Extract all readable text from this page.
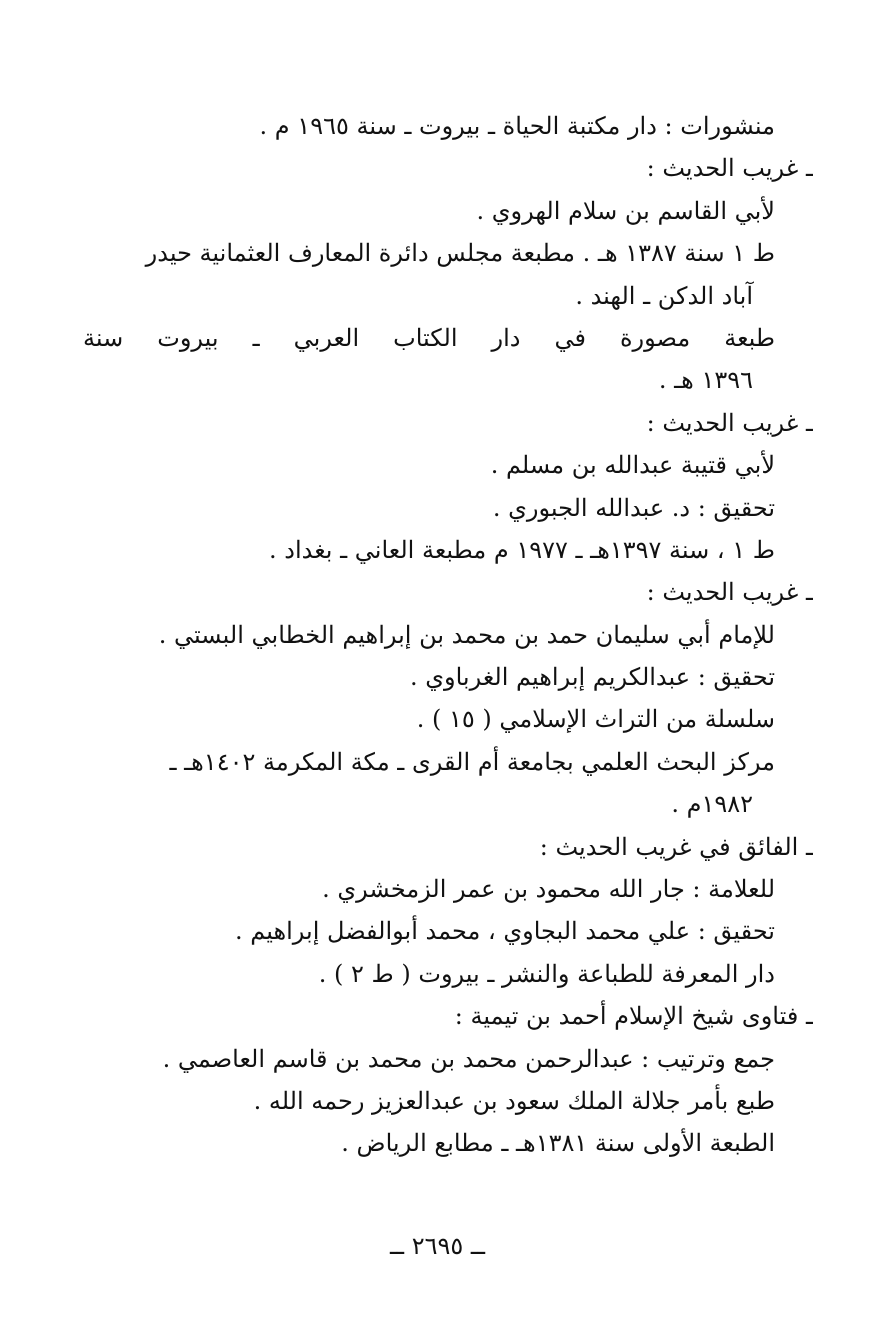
منشورات : دار مكتبة الحياة ـ بيروت ـ سنة ١٩٦٥ م .
ـ غريب الحديث :
لأبي القاسم بن سلام الهروي .
ط ١ سنة ١٣٨٧ هـ . مطبعة مجلس دائرة المعارف العثمانية حيدر
آباد الدكن ـ الهند .
طبعة مصورة في دار الكتاب العربي ـ بيروت سنة
١٣٩٦ هـ .
ـ غريب الحديث :
لأبي قتيبة عبدالله بن مسلم .
تحقيق : د. عبدالله الجبوري .
ط ١ ، سنة ١٣٩٧هـ ـ ١٩٧٧ م مطبعة العاني ـ بغداد .
ـ غريب الحديث :
للإمام أبي سليمان حمد بن محمد بن إبراهيم الخطابي البستي .
تحقيق : عبدالكريم إبراهيم الغرباوي .
سلسلة من التراث الإسلامي ( ١٥ ) .
مركز البحث العلمي بجامعة أم القرى ـ مكة المكرمة ١٤٠٢هـ ـ
١٩٨٢م .
ـ الفائق في غريب الحديث :
للعلامة : جار الله محمود بن عمر الزمخشري .
تحقيق : علي محمد البجاوي ، محمد أبوالفضل إبراهيم .
دار المعرفة للطباعة والنشر ـ بيروت ( ط ٢ ) .
ـ فتاوى شيخ الإسلام أحمد بن تيمية :
جمع وترتيب : عبدالرحمن محمد بن محمد بن قاسم العاصمي .
طبع بأمر جلالة الملك سعود بن عبدالعزيز رحمه الله .
الطبعة الأولى سنة ١٣٨١هـ ـ مطابع الرياض .
ــ ٢٦٩٥ ــ
